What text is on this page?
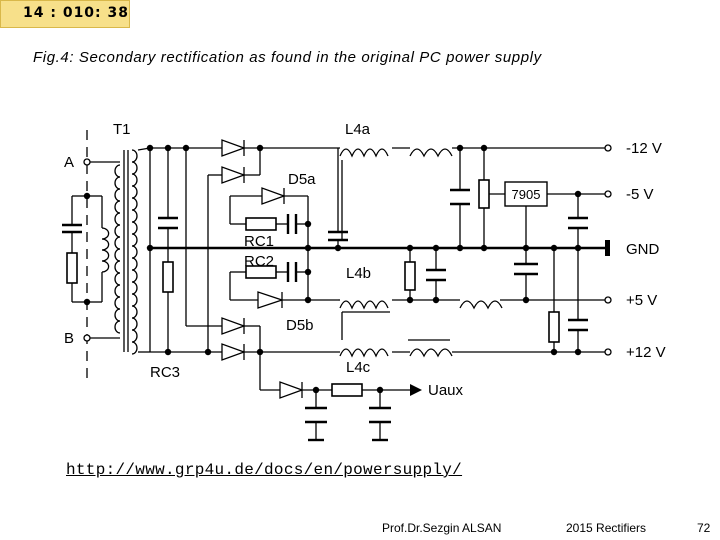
14 : 010: 38
Fig.4: Secondary rectification as found in the original PC power supply
7905
T1
A
B
L4a
L4b
L4c
D5a
D5b
RC1
RC2
RC3
Uaux
-12 V
-5 V
GND
+5 V
+12 V
http://www.grp4u.de/docs/en/powersupply/
Prof.Dr.Sezgin ALSAN	2015 Rectifiers	72
